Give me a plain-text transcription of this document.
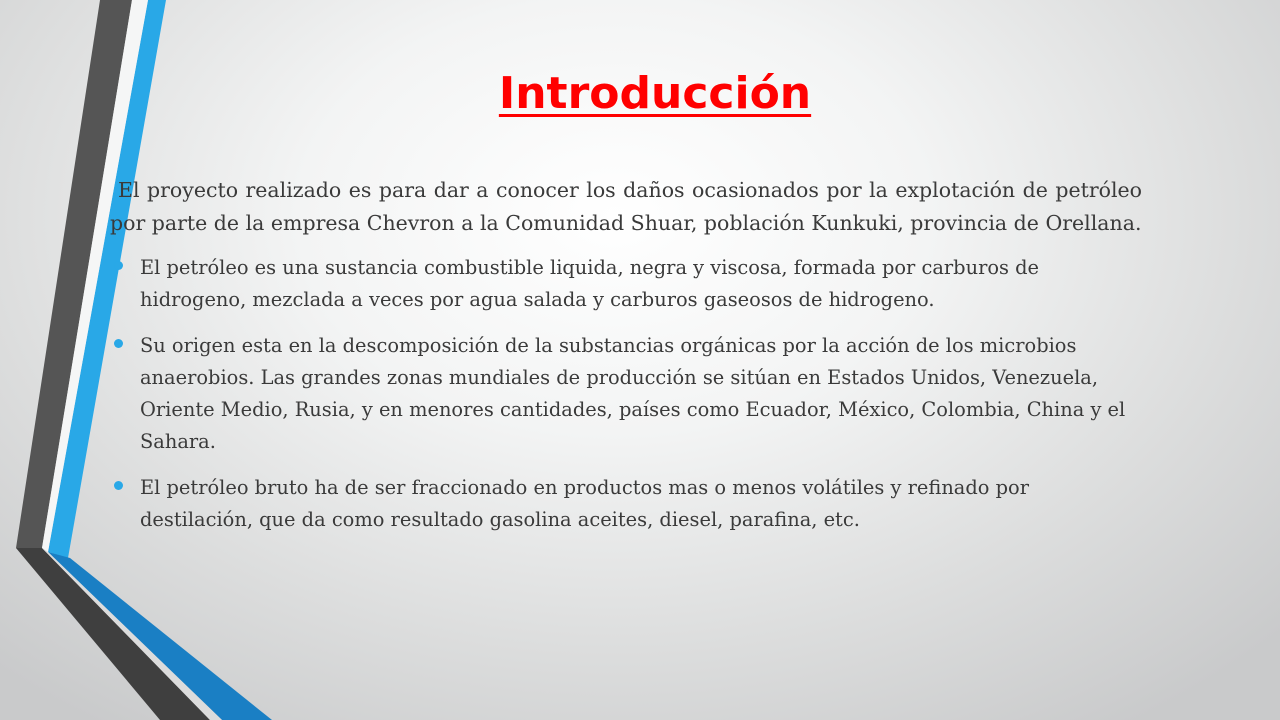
Introducción

El proyecto realizado es para dar a conocer los daños ocasionados por la explotación de petróleo por parte de la empresa Chevron a la Comunidad Shuar, población Kunkuki, provincia de Orellana.

El petróleo es una sustancia combustible liquida, negra y viscosa, formada por carburos de hidrogeno, mezclada a veces por agua salada y carburos gaseosos de hidrogeno.
Su origen esta en la descomposición de la substancias orgánicas por la acción de los microbios anaerobios. Las grandes zonas mundiales de producción se sitúan en Estados Unidos, Venezuela, Oriente Medio, Rusia, y en menores cantidades, países como Ecuador, México, Colombia, China y el Sahara.
El petróleo bruto ha de ser fraccionado en productos mas o menos volátiles y refinado por destilación, que da como resultado gasolina aceites, diesel, parafina, etc.
